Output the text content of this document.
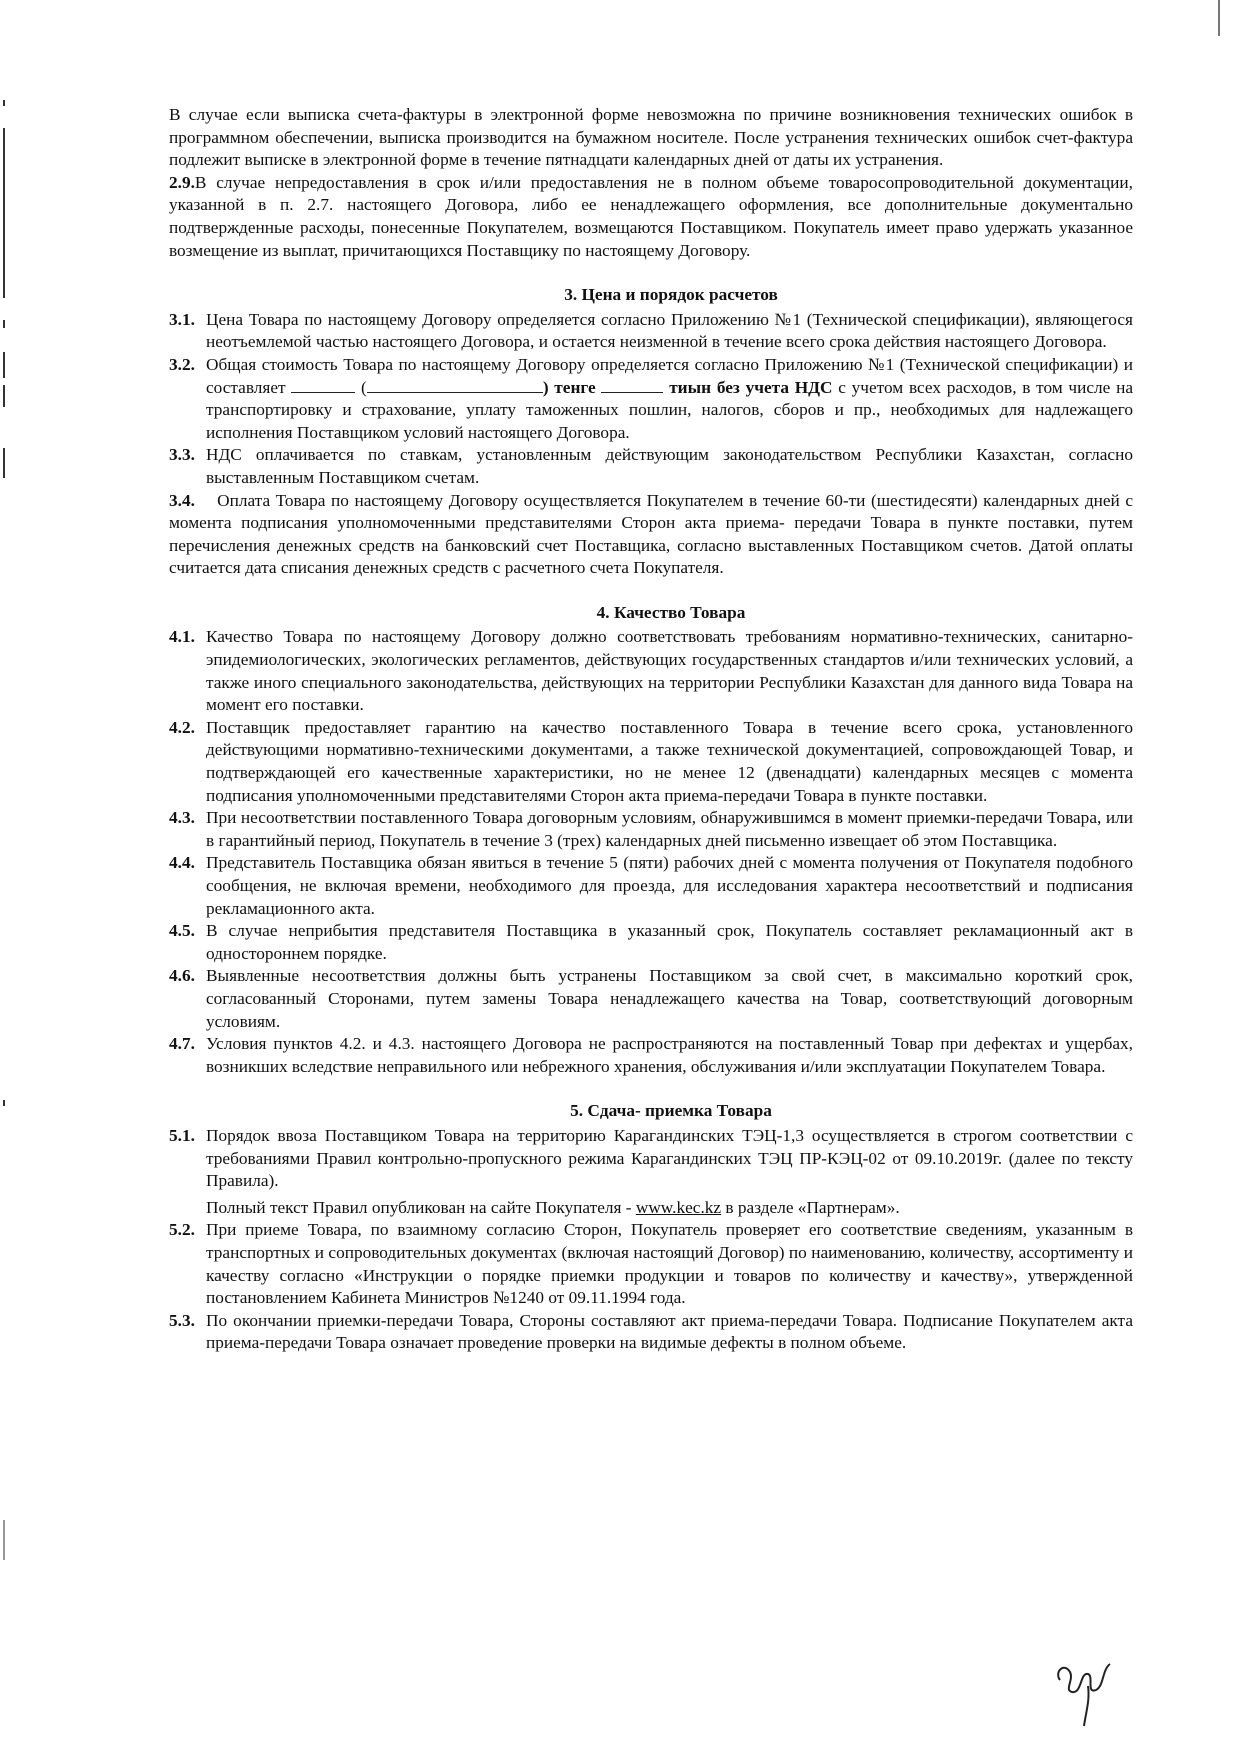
В случае если выписка счета-фактуры в электронной форме невозможна по причине возникновения технических ошибок в программном обеспечении, выписка производится на бумажном носителе. После устранения технических ошибок счет-фактура подлежит выписке в электронной форме в течение пятнадцати календарных дней от даты их устранения.

2.9.В случае непредоставления в срок и/или предоставления не в полном объеме товаросопроводительной документации, указанной в п. 2.7. настоящего Договора, либо ее ненадлежащего оформления, все дополнительные документально подтвержденные расходы, понесенные Покупателем, возмещаются Поставщиком. Покупатель имеет право удержать указанное возмещение из выплат, причитающихся Поставщику по настоящему Договору.

3. Цена и порядок расчетов
3.1. Цена Товара по настоящему Договору определяется согласно Приложению №1 (Технической спецификации), являющегося неотъемлемой частью настоящего Договора, и остается неизменной в течение всего срока действия настоящего Договора.
3.2. Общая стоимость Товара по настоящему Договору определяется согласно Приложению №1 (Технической спецификации) и составляет	(	) тенге	тиын без учета НДС с учетом всех расходов, в том числе на транспортировку и страхование, уплату таможенных пошлин, налогов, сборов и пр., необходимых для надлежащего исполнения Поставщиком условий настоящего Договора.
3.3. НДС оплачивается по ставкам, установленным действующим законодательством Республики Казахстан, согласно выставленным Поставщиком счетам.

3.4. Оплата Товара по настоящему Договору осуществляется Покупателем в течение 60-ти (шестидесяти) календарных дней с момента подписания уполномоченными представителями Сторон акта приема- передачи Товара в пункте поставки, путем перечисления денежных средств на банковский счет Поставщика, согласно выставленных Поставщиком счетов. Датой оплаты считается дата списания денежных средств с расчетного счета Покупателя.

4. Качество Товара
4.1. Качество Товара по настоящему Договору должно соответствовать требованиям нормативно-технических, санитарно-эпидемиологических, экологических регламентов, действующих государственных стандартов и/или технических условий, а также иного специального законодательства, действующих на территории Республики Казахстан для данного вида Товара на момент его поставки.
4.2. Поставщик предоставляет гарантию на качество поставленного Товара в течение всего срока, установленного действующими нормативно-техническими документами, а также технической документацией, сопровождающей Товар, и подтверждающей его качественные характеристики, но не менее 12 (двенадцати) календарных месяцев с момента подписания уполномоченными представителями Сторон акта приема-передачи Товара в пункте поставки.
4.3. При несоответствии поставленного Товара договорным условиям, обнаружившимся в момент приемки-передачи Товара, или в гарантийный период, Покупатель в течение 3 (трех) календарных дней письменно извещает об этом Поставщика.
4.4. Представитель Поставщика обязан явиться в течение 5 (пяти) рабочих дней с момента получения от Покупателя подобного сообщения, не включая времени, необходимого для проезда, для исследования характера несоответствий и подписания рекламационного акта.
4.5. В случае неприбытия представителя Поставщика в указанный срок, Покупатель составляет рекламационный акт в одностороннем порядке.
4.6. Выявленные несоответствия должны быть устранены Поставщиком за свой счет, в максимально короткий срок, согласованный Сторонами, путем замены Товара ненадлежащего качества на Товар, соответствующий договорным условиям.
4.7. Условия пунктов 4.2. и 4.3. настоящего Договора не распространяются на поставленный Товар при дефектах и ущербах, возникших вследствие неправильного или небрежного хранения, обслуживания и/или эксплуатации Покупателем Товара.
5. Сдача- приемка Товара
5.1. Порядок ввоза Поставщиком Товара на территорию Карагандинских ТЭЦ-1,3 осуществляется в строгом соответствии с требованиями Правил контрольно-пропускного режима Карагандинских ТЭЦ ПР-КЭЦ-02 от 09.10.2019г. (далее по тексту Правила).
Полный текст Правил опубликован на сайте Покупателя - www.kec.kz в разделе «Партнерам».
5.2. При приеме Товара, по взаимному согласию Сторон, Покупатель проверяет его соответствие сведениям, указанным в транспортных и сопроводительных документах (включая настоящий Договор) по наименованию, количеству, ассортименту и качеству согласно «Инструкции о порядке приемки продукции и товаров по количеству и качеству», утвержденной постановлением Кабинета Министров №1240 от 09.11.1994 года.
5.3. По окончании приемки-передачи Товара, Стороны составляют акт приема-передачи Товара. Подписание Покупателем акта приема-передачи Товара означает проведение проверки на видимые дефекты в полном объеме.
